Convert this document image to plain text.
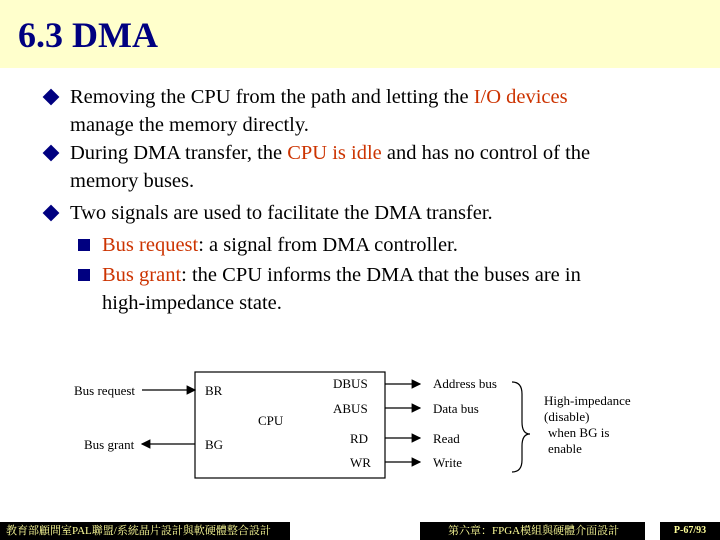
6.3 DMA
Removing the CPU from the path and letting the I/O devices
manage the memory directly.
During DMA transfer, the CPU is idle and has no control of the
memory buses.
Two signals are used to facilitate the DMA transfer.
Bus request: a signal from DMA controller.
Bus grant: the CPU informs the DMA that the buses are in
high-impedance state.
Bus request
Bus grant
BR
BG
CPU
DBUS
ABUS
RD
WR
Address bus
Data bus
Read
Write
High-impedance
(disable)
when BG is
enable
教育部顧問室PAL聯盟/系統晶片設計與軟硬體整合設計	第六章：FPGA模組與硬體介面設計	P-67/93
